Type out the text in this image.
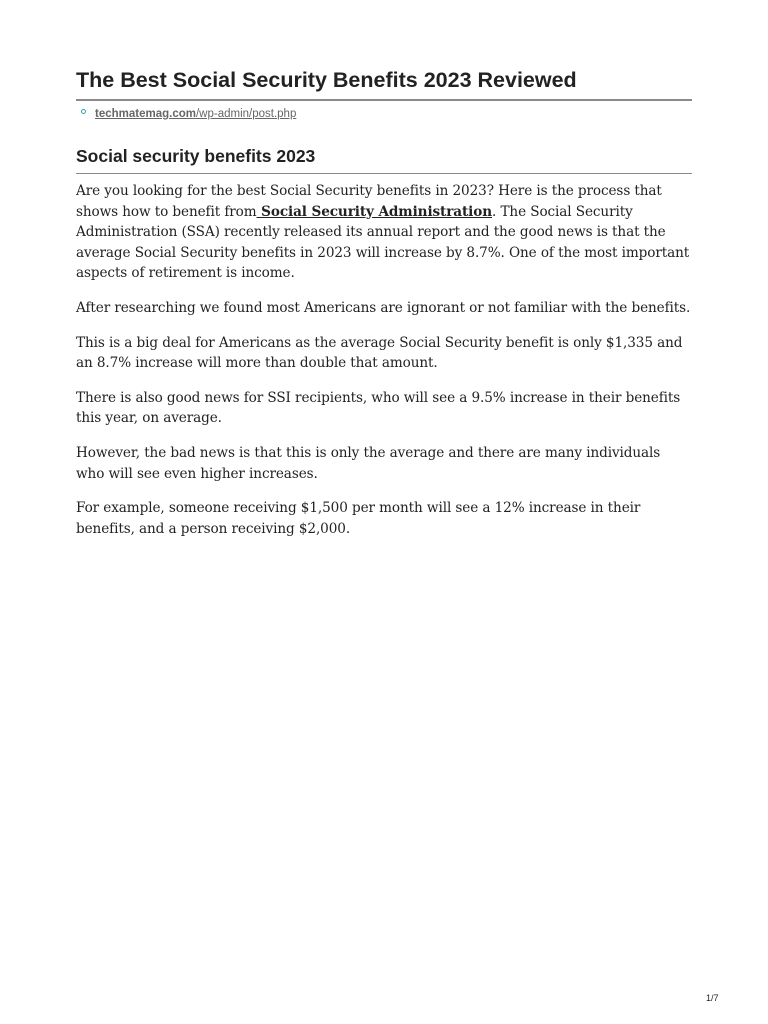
The Best Social Security Benefits 2023 Reviewed
techmatemag.com/wp-admin/post.php
Social security benefits 2023

Are you looking for the best Social Security benefits in 2023? Here is the process that shows how to benefit from Social Security Administration. The Social Security Administration (SSA) recently released its annual report and the good news is that the average Social Security benefits in 2023 will increase by 8.7%. One of the most important aspects of retirement is income.

After researching we found most Americans are ignorant or not familiar with the benefits.

This is a big deal for Americans as the average Social Security benefit is only $1,335 and an 8.7% increase will more than double that amount.

There is also good news for SSI recipients, who will see a 9.5% increase in their benefits this year, on average.

However, the bad news is that this is only the average and there are many individuals who will see even higher increases.

For example, someone receiving $1,500 per month will see a 12% increase in their benefits, and a person receiving $2,000.

1/7
